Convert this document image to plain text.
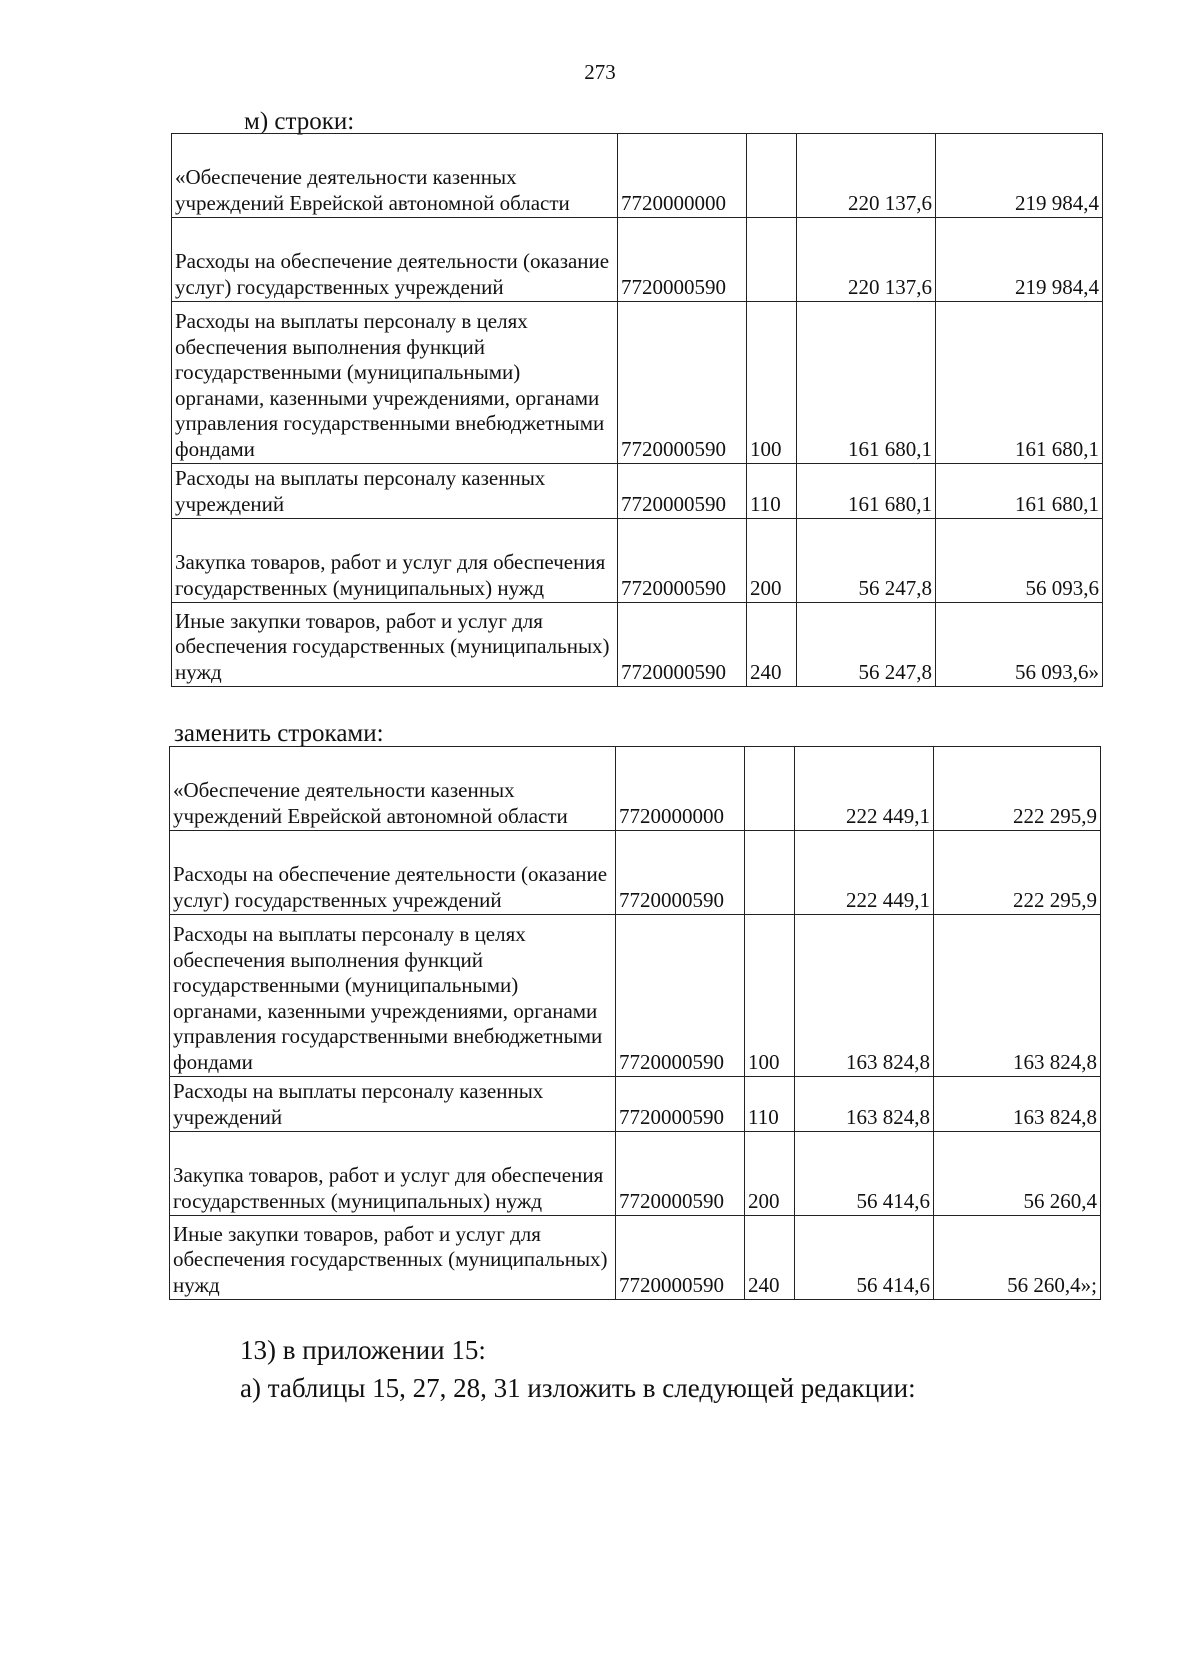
273
м) строки:
«Обеспечение деятельности казенных учреждений Еврейской автономной области	7720000000		220 137,6	219 984,4
Расходы на обеспечение деятельности (оказание услуг) государственных учреждений	7720000590		220 137,6	219 984,4
Расходы на выплаты персоналу в целях обеспечения выполнения функций государственными (муниципальными) органами, казенными учреждениями, органами управления государственными внебюджетными фондами	7720000590	100	161 680,1	161 680,1
Расходы на выплаты персоналу казенных учреждений	7720000590	110	161 680,1	161 680,1
Закупка товаров, работ и услуг для обеспечения государственных (муниципальных) нужд	7720000590	200	56 247,8	56 093,6
Иные закупки товаров, работ и услуг для обеспечения государственных (муниципальных) нужд	7720000590	240	56 247,8	56 093,6»
заменить строками:
«Обеспечение деятельности казенных учреждений Еврейской автономной области	7720000000		222 449,1	222 295,9
Расходы на обеспечение деятельности (оказание услуг) государственных учреждений	7720000590		222 449,1	222 295,9
Расходы на выплаты персоналу в целях обеспечения выполнения функций государственными (муниципальными) органами, казенными учреждениями, органами управления государственными внебюджетными фондами	7720000590	100	163 824,8	163 824,8
Расходы на выплаты персоналу казенных учреждений	7720000590	110	163 824,8	163 824,8
Закупка товаров, работ и услуг для обеспечения государственных (муниципальных) нужд	7720000590	200	56 414,6	56 260,4
Иные закупки товаров, работ и услуг для обеспечения государственных (муниципальных) нужд	7720000590	240	56 414,6	56 260,4»;
13) в приложении 15:
а) таблицы 15, 27, 28, 31 изложить в следующей редакции:
